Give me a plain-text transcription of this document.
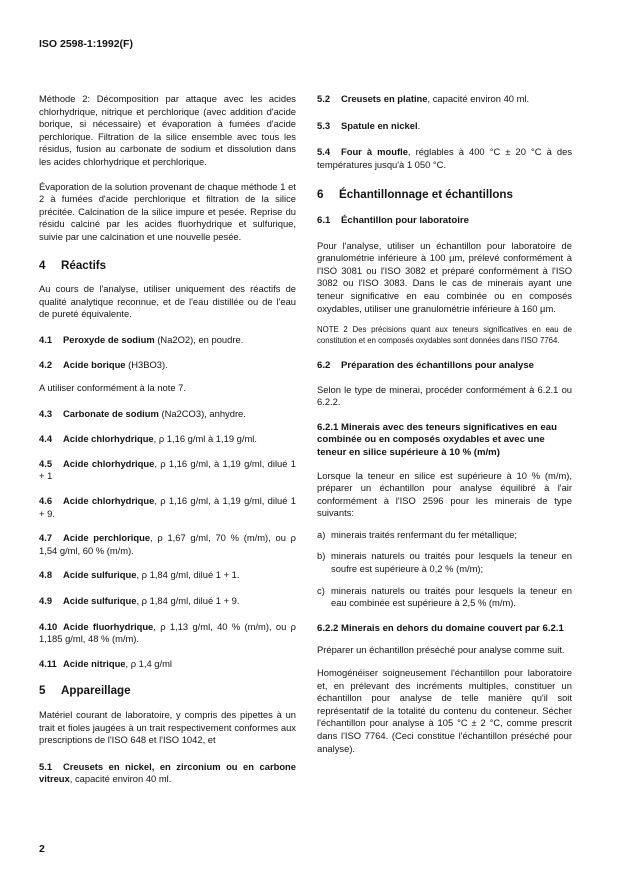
ISO 2598-1:1992(F)

Méthode 2: Décomposition par attaque avec les acides chlorhydrique, nitrique et perchlorique (avec addition d'acide borique, si nécessaire) et évaporation à fumées d'acide perchlorique. Filtration de la silice ensemble avec tous les résidus, fusion au carbonate de sodium et dissolution dans les acides chlorhydrique et perchlorique.

Évaporation de la solution provenant de chaque méthode 1 et 2 à fumées d'acide perchlorique et filtration de la silice précitée. Calcination de la silice impure et pesée. Reprise du résidu calciné par les acides fluorhydrique et sulfurique, suivie par une calcination et une nouvelle pesée.

4 Réactifs

Au cours de l'analyse, utiliser uniquement des réactifs de qualité analytique reconnue, et de l'eau distillée ou de l'eau de pureté équivalente.

4.1 Peroxyde de sodium (Na2O2), en poudre.

4.2 Acide borique (H3BO3).

A utiliser conformément à la note 7.

4.3 Carbonate de sodium (Na2CO3), anhydre.

4.4 Acide chlorhydrique, ρ 1,16 g/ml à 1,19 g/ml.

4.5 Acide chlorhydrique, ρ 1,16 g/ml, à 1,19 g/ml, dilué 1 + 1

4.6 Acide chlorhydrique, ρ 1,16 g/ml, à 1,19 g/ml, dilué 1 + 9.

4.7 Acide perchlorique, ρ 1,67 g/ml, 70 % (m/m), ou ρ 1,54 g/ml, 60 % (m/m).

4.8 Acide sulfurique, ρ 1,84 g/ml, dilué 1 + 1.

4.9 Acide sulfurique, ρ 1,84 g/ml, dilué 1 + 9.

4.10 Acide fluorhydrique, ρ 1,13 g/ml, 40 % (m/m), ou ρ 1,185 g/ml, 48 % (m/m).

4.11 Acide nitrique, ρ 1,4 g/ml

5 Appareillage

Matériel courant de laboratoire, y compris des pipettes à un trait et fioles jaugées à un trait respectivement conformes aux prescriptions de l'ISO 648 et l'ISO 1042, et

5.1 Creusets en nickel, en zirconium ou en carbone vitreux, capacité environ 40 ml.

5.2 Creusets en platine, capacité environ 40 ml.

5.3 Spatule en nickel.

5.4 Four à moufle, réglables à 400 °C ± 20 °C à des températures jusqu'à 1 050 °C.

6 Échantillonnage et échantillons
6.1 Échantillon pour laboratoire

Pour l'analyse, utiliser un échantillon pour laboratoire de granulométrie inférieure à 100 µm, prélevé conformément à l'ISO 3081 ou l'ISO 3082 et préparé conformément à l'ISO 3082 ou l'ISO 3083. Dans le cas de minerais ayant une teneur significative en eau combinée ou en composés oxydables, utiliser une granulométrie inférieure à 160 µm.

NOTE 2 Des précisions quant aux teneurs significatives en eau de constitution et en composés oxydables sont données dans l'ISO 7764.

6.2 Préparation des échantillons pour analyse

Selon le type de minerai, procéder conformément à 6.2.1 ou 6.2.2.

6.2.1 Minerais avec des teneurs significatives en eau combinée ou en composés oxydables et avec une teneur en silice supérieure à 10 % (m/m)

Lorsque la teneur en silice est supérieure à 10 % (m/m), préparer un échantillon pour analyse équilibré à l'air conformément à l'ISO 2596 pour les minerais de type suivants:

a) minerais traités renfermant du fer métallique;
b) minerais naturels ou traités pour lesquels la teneur en soufre est supérieure à 0,2 % (m/m);
c) minerais naturels ou traités pour lesquels la teneur en eau combinée est supérieure à 2,5 % (m/m).

6.2.2 Minerais en dehors du domaine couvert par 6.2.1

Préparer un échantillon préséché pour analyse comme suit.

Homogénéiser soigneusement l'échantillon pour laboratoire et, en prélevant des incréments multiples, constituer un échantillon pour analyse de telle manière qu'il soit représentatif de la totalité du contenu du conteneur. Sécher l'échantillon pour analyse à 105 °C ± 2 °C, comme prescrit dans l'ISO 7764. (Ceci constitue l'échantillon préséché pour analyse).

2
